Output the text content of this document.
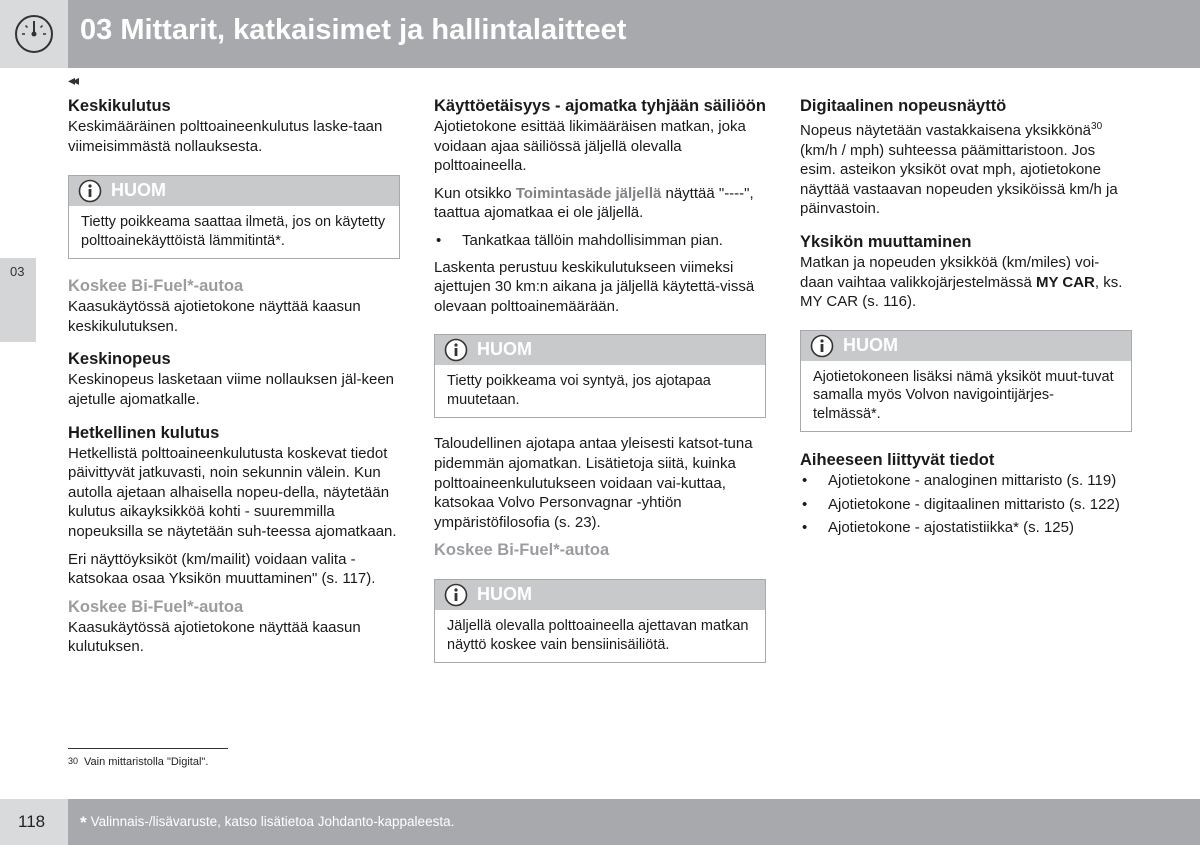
03 Mittarit, katkaisimet ja hallintalaitteet
◂◂
03
Keskikulutus

Keskimääräinen polttoaineenkulutus laske-taan viimeisimmästä nollauksesta.

HUOM
Tietty poikkeama saattaa ilmetä, jos on käytetty polttoainekäyttöistä lämmitintä*.
Koskee Bi-Fuel*-autoa

Kaasukäytössä ajotietokone näyttää kaasun keskikulutuksen.

Keskinopeus

Keskinopeus lasketaan viime nollauksen jäl-keen ajetulle ajomatkalle.

Hetkellinen kulutus

Hetkellistä polttoaineenkulutusta koskevat tiedot päivittyvät jatkuvasti, noin sekunnin välein. Kun autolla ajetaan alhaisella nopeu-della, näytetään kulutus aikayksikköä kohti - suuremmilla nopeuksilla se näytetään suh-teessa ajomatkaan.

Eri näyttöyksiköt (km/mailit) voidaan valita - katsokaa osaa Yksikön muuttaminen" (s. 117).

Koskee Bi-Fuel*-autoa

Kaasukäytössä ajotietokone näyttää kaasun kulutuksen.

Käyttöetäisyys - ajomatka tyhjään säiliöön

Ajotietokone esittää likimääräisen matkan, joka voidaan ajaa säiliössä jäljellä olevalla polttoaineella.

Kun otsikko Toimintasäde jäljellä näyttää "----", taattua ajomatkaa ei ole jäljellä.

• Tankatkaa tällöin mahdollisimman pian.

Laskenta perustuu keskikulutukseen viimeksi ajettujen 30 km:n aikana ja jäljellä käytettä-vissä olevaan polttoainemäärään.

HUOM
Tietty poikkeama voi syntyä, jos ajotapaa muutetaan.

Taloudellinen ajotapa antaa yleisesti katsot-tuna pidemmän ajomatkan. Lisätietoja siitä, kuinka polttoaineenkulutukseen voidaan vai-kuttaa, katsokaa Volvo Personvagnar -yhtiön ympäristöfilosofia (s. 23).

Koskee Bi-Fuel*-autoa
HUOM
Jäljellä olevalla polttoaineella ajettavan matkan näyttö koskee vain bensiinisäiliötä.
Digitaalinen nopeusnäyttö

Nopeus näytetään vastakkaisena yksikkönä$^{30}$ (km/h / mph) suhteessa päämittaristoon. Jos esim. asteikon yksiköt ovat mph, ajotietokone näyttää vastaavan nopeuden yksiköissä km/h ja päinvastoin.

Yksikön muuttaminen

Matkan ja nopeuden yksikköä (km/miles) voi-daan vaihtaa valikkojärjestelmässä MY CAR, ks. MY CAR (s. 116).

HUOM
Ajotietokoneen lisäksi nämä yksiköt muut-tuvat samalla myös Volvon navigointijärjes-telmässä*.
Aiheeseen liittyvät tiedot
• Ajotietokone - analoginen mittaristo (s. 119)
• Ajotietokone - digitaalinen mittaristo (s. 122)
• Ajotietokone - ajostatistiikka* (s. 125)
$^{30}$ Vain mittaristolla "Digital".
118 * Valinnais-/lisävaruste, katso lisätietoa Johdanto-kappaleesta.
